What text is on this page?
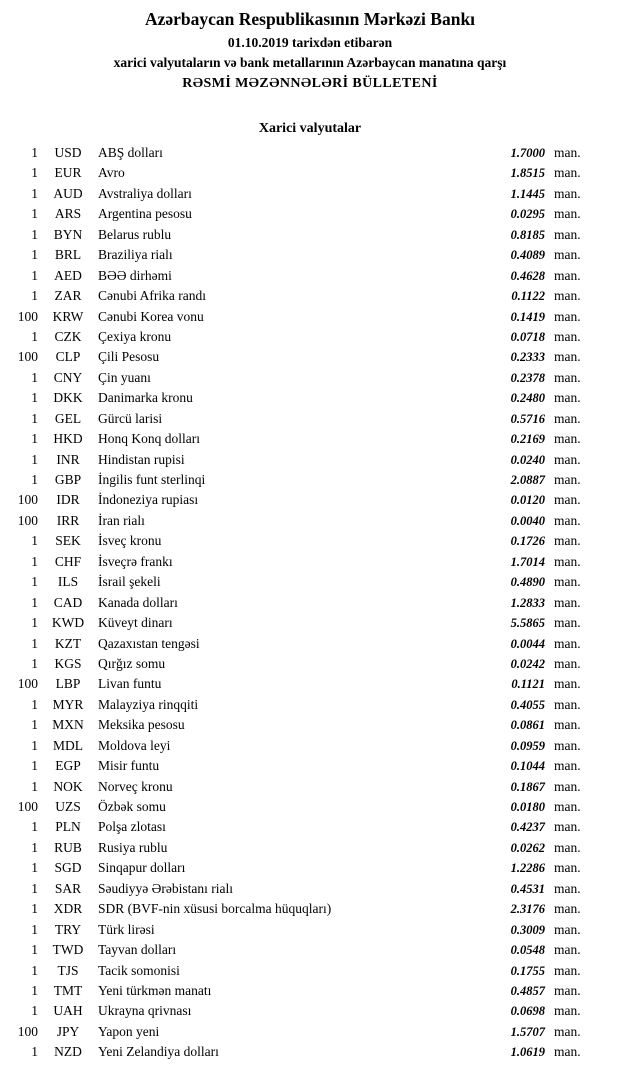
Azərbaycan Respublikasının Mərkəzi Bankı
01.10.2019 tarixdən etibarən
xarici valyutaların və bank metallarının Azərbaycan manatına qarşı
RƏSMİ MƏZƏNNƏLƏRİ BÜLLETENİ
Xarici valyutalar
1	USD	ABŞ dolları	1.7000 man.
1	EUR	Avro	1.8515 man.
1	AUD	Avstraliya dolları	1.1445 man.
1	ARS	Argentina pesosu	0.0295 man.
1	BYN	Belarus rublu	0.8185 man.
1	BRL	Braziliya rialı	0.4089 man.
1	AED	BƏƏ dirhəmi	0.4628 man.
1	ZAR	Cənubi Afrika randı	0.1122 man.
100	KRW	Cənubi Korea vonu	0.1419 man.
1	CZK	Çexiya kronu	0.0718 man.
100	CLP	Çili Pesosu	0.2333 man.
1	CNY	Çin yuanı	0.2378 man.
1	DKK	Danimarka kronu	0.2480 man.
1	GEL	Gürcü larisi	0.5716 man.
1	HKD	Honq Konq dolları	0.2169 man.
1	INR	Hindistan rupisi	0.0240 man.
1	GBP	İngilis funt sterlinqi	2.0887 man.
100	IDR	İndoneziya rupiası	0.0120 man.
100	IRR	İran rialı	0.0040 man.
1	SEK	İsveç kronu	0.1726 man.
1	CHF	İsveçrə frankı	1.7014 man.
1	ILS	İsrail şekeli	0.4890 man.
1	CAD	Kanada dolları	1.2833 man.
1	KWD	Küveyt dinarı	5.5865 man.
1	KZT	Qazaxıstan tengəsi	0.0044 man.
1	KGS	Qırğız somu	0.0242 man.
100	LBP	Livan funtu	0.1121 man.
1	MYR	Malayziya rinqqiti	0.4055 man.
1	MXN	Meksika pesosu	0.0861 man.
1	MDL	Moldova leyi	0.0959 man.
1	EGP	Misir funtu	0.1044 man.
1	NOK	Norveç kronu	0.1867 man.
100	UZS	Özbək somu	0.0180 man.
1	PLN	Polşa zlotası	0.4237 man.
1	RUB	Rusiya rublu	0.0262 man.
1	SGD	Sinqapur dolları	1.2286 man.
1	SAR	Səudiyyə Ərəbistanı rialı	0.4531 man.
1	XDR	SDR (BVF-nin xüsusi borcalma hüquqları)	2.3176 man.
1	TRY	Türk lirəsi	0.3009 man.
1	TWD	Tayvan dolları	0.0548 man.
1	TJS	Tacik somonisi	0.1755 man.
1	TMT	Yeni türkmən manatı	0.4857 man.
1	UAH	Ukrayna qrivnası	0.0698 man.
100	JPY	Yapon yeni	1.5707 man.
1	NZD	Yeni Zelandiya dolları	1.0619 man.
